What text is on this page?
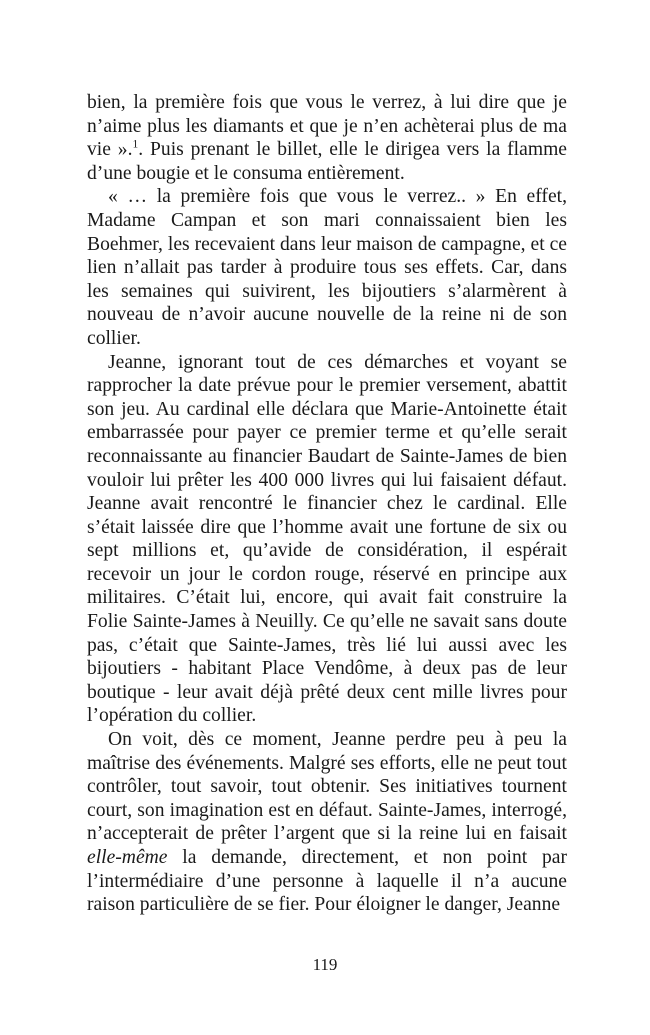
bien, la première fois que vous le verrez, à lui dire que je n’aime plus les diamants et que je n’en achèterai plus de ma vie ».$^1$. Puis prenant le billet, elle le dirigea vers la flamme d’une bougie et le consuma entièrement.

« … la première fois que vous le verrez.. » En effet, Madame Campan et son mari connaissaient bien les Boehmer, les recevaient dans leur maison de campagne, et ce lien n’allait pas tarder à produire tous ses effets. Car, dans les semaines qui suivirent, les bijoutiers s’alarmèrent à nouveau de n’avoir aucune nouvelle de la reine ni de son collier.

Jeanne, ignorant tout de ces démarches et voyant se rapprocher la date prévue pour le premier versement, abattit son jeu. Au cardinal elle déclara que Marie-Antoinette était embarrassée pour payer ce premier terme et qu’elle serait reconnaissante au financier Baudart de Sainte-James de bien vouloir lui prêter les 400 000 livres qui lui faisaient défaut. Jeanne avait rencontré le financier chez le cardinal. Elle s’était laissée dire que l’homme avait une fortune de six ou sept millions et, qu’avide de considération, il espérait recevoir un jour le cordon rouge, réservé en principe aux militaires. C’était lui, encore, qui avait fait construire la Folie Sainte-James à Neuilly. Ce qu’elle ne savait sans doute pas, c’était que Sainte-James, très lié lui aussi avec les bijoutiers - habitant Place Vendôme, à deux pas de leur boutique - leur avait déjà prêté deux cent mille livres pour l’opération du collier.

On voit, dès ce moment, Jeanne perdre peu à peu la maîtrise des événements. Malgré ses efforts, elle ne peut tout contrôler, tout savoir, tout obtenir. Ses initiatives tournent court, son imagination est en défaut. Sainte-James, interrogé, n’accepterait de prêter l’argent que si la reine lui en faisait elle-même la demande, directement, et non point par l’intermédiaire d’une personne à laquelle il n’a aucune raison particulière de se fier. Pour éloigner le danger, Jeanne

119
